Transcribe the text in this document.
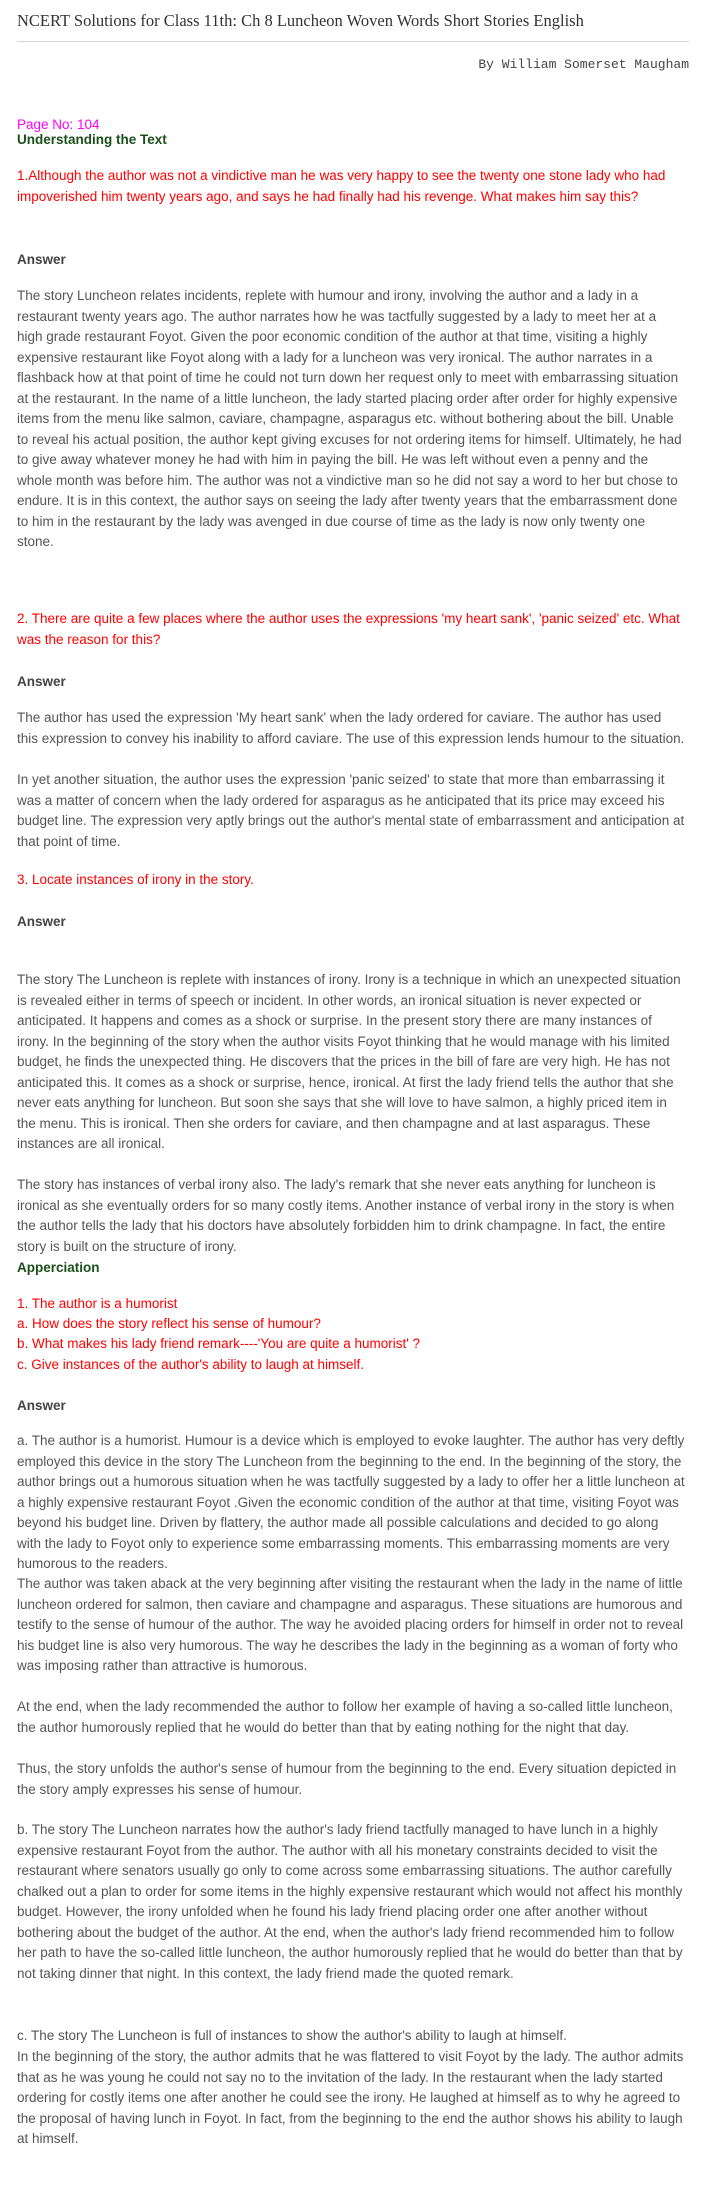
NCERT Solutions for Class 11th: Ch 8 Luncheon Woven Words Short Stories English
By William Somerset Maugham
Page No: 104
Understanding the Text
1.Although the author was not a vindictive man he was very happy to see the twenty one stone lady who had impoverished him twenty years ago, and says he had finally had his revenge. What makes him say this?
Answer
The story Luncheon relates incidents, replete with humour and irony, involving the author and a lady in a restaurant twenty years ago. The author narrates how he was tactfully suggested by a lady to meet her at a high grade restaurant Foyot. Given the poor economic condition of the author at that time, visiting a highly expensive restaurant like Foyot along with a lady for a luncheon was very ironical. The author narrates in a flashback how at that point of time he could not turn down her request only to meet with embarrassing situation at the restaurant. In the name of a little luncheon, the lady started placing order after order for highly expensive items from the menu like salmon, caviare, champagne, asparagus etc. without bothering about the bill. Unable to reveal his actual position, the author kept giving excuses for not ordering items for himself. Ultimately, he had to give away whatever money he had with him in paying the bill. He was left without even a penny and the whole month was before him. The author was not a vindictive man so he did not say a word to her but chose to endure. It is in this context, the author says on seeing the lady after twenty years that the embarrassment done to him in the restaurant by the lady was avenged in due course of time as the lady is now only twenty one stone.
2. There are quite a few places where the author uses the expressions 'my heart sank', 'panic seized' etc. What was the reason for this?
Answer
The author has used the expression 'My heart sank' when the lady ordered for caviare. The author has used this expression to convey his inability to afford caviare. The use of this expression lends humour to the situation.
In yet another situation, the author uses the expression 'panic seized' to state that more than embarrassing it was a matter of concern when the lady ordered for asparagus as he anticipated that its price may exceed his budget line. The expression very aptly brings out the author's mental state of embarrassment and anticipation at that point of time.
3. Locate instances of irony in the story.
Answer
The story The Luncheon is replete with instances of irony. Irony is a technique in which an unexpected situation is revealed either in terms of speech or incident. In other words, an ironical situation is never expected or anticipated. It happens and comes as a shock or surprise. In the present story there are many instances of irony. In the beginning of the story when the author visits Foyot thinking that he would manage with his limited budget, he finds the unexpected thing. He discovers that the prices in the bill of fare are very high. He has not anticipated this. It comes as a shock or surprise, hence, ironical. At first the lady friend tells the author that she never eats anything for luncheon. But soon she says that she will love to have salmon, a highly priced item in the menu. This is ironical. Then she orders for caviare, and then champagne and at last asparagus. These instances are all ironical.
The story has instances of verbal irony also. The lady's remark that she never eats anything for luncheon is ironical as she eventually orders for so many costly items. Another instance of verbal irony in the story is when the author tells the lady that his doctors have absolutely forbidden him to drink champagne. In fact, the entire story is built on the structure of irony.
Apperciation
1. The author is a humorist
a. How does the story reflect his sense of humour?
b. What makes his lady friend remark----'You are quite a humorist' ?
c. Give instances of the author's ability to laugh at himself.
Answer
a. The author is a humorist. Humour is a device which is employed to evoke laughter. The author has very deftly employed this device in the story The Luncheon from the beginning to the end. In the beginning of the story, the author brings out a humorous situation when he was tactfully suggested by a lady to offer her a little luncheon at a highly expensive restaurant Foyot .Given the economic condition of the author at that time, visiting Foyot was beyond his budget line. Driven by flattery, the author made all possible calculations and decided to go along with the lady to Foyot only to experience some embarrassing moments. This embarrassing moments are very humorous to the readers.
The author was taken aback at the very beginning after visiting the restaurant when the lady in the name of little luncheon ordered for salmon, then caviare and champagne and asparagus. These situations are humorous and testify to the sense of humour of the author. The way he avoided placing orders for himself in order not to reveal his budget line is also very humorous. The way he describes the lady in the beginning as a woman of forty who was imposing rather than attractive is humorous.
At the end, when the lady recommended the author to follow her example of having a so-called little luncheon, the author humorously replied that he would do better than that by eating nothing for the night that day.
Thus, the story unfolds the author's sense of humour from the beginning to the end. Every situation depicted in the story amply expresses his sense of humour.
b. The story The Luncheon narrates how the author's lady friend tactfully managed to have lunch in a highly expensive restaurant Foyot from the author. The author with all his monetary constraints decided to visit the restaurant where senators usually go only to come across some embarrassing situations. The author carefully chalked out a plan to order for some items in the highly expensive restaurant which would not affect his monthly budget. However, the irony unfolded when he found his lady friend placing order one after another without bothering about the budget of the author. At the end, when the author's lady friend recommended him to follow her path to have the so-called little luncheon, the author humorously replied that he would do better than that by not taking dinner that night. In this context, the lady friend made the quoted remark.
c. The story The Luncheon is full of instances to show the author's ability to laugh at himself.
In the beginning of the story, the author admits that he was flattered to visit Foyot by the lady. The author admits that as he was young he could not say no to the invitation of the lady. In the restaurant when the lady started ordering for costly items one after another he could see the irony. He laughed at himself as to why he agreed to the proposal of having lunch in Foyot. In fact, from the beginning to the end the author shows his ability to laugh at himself.
